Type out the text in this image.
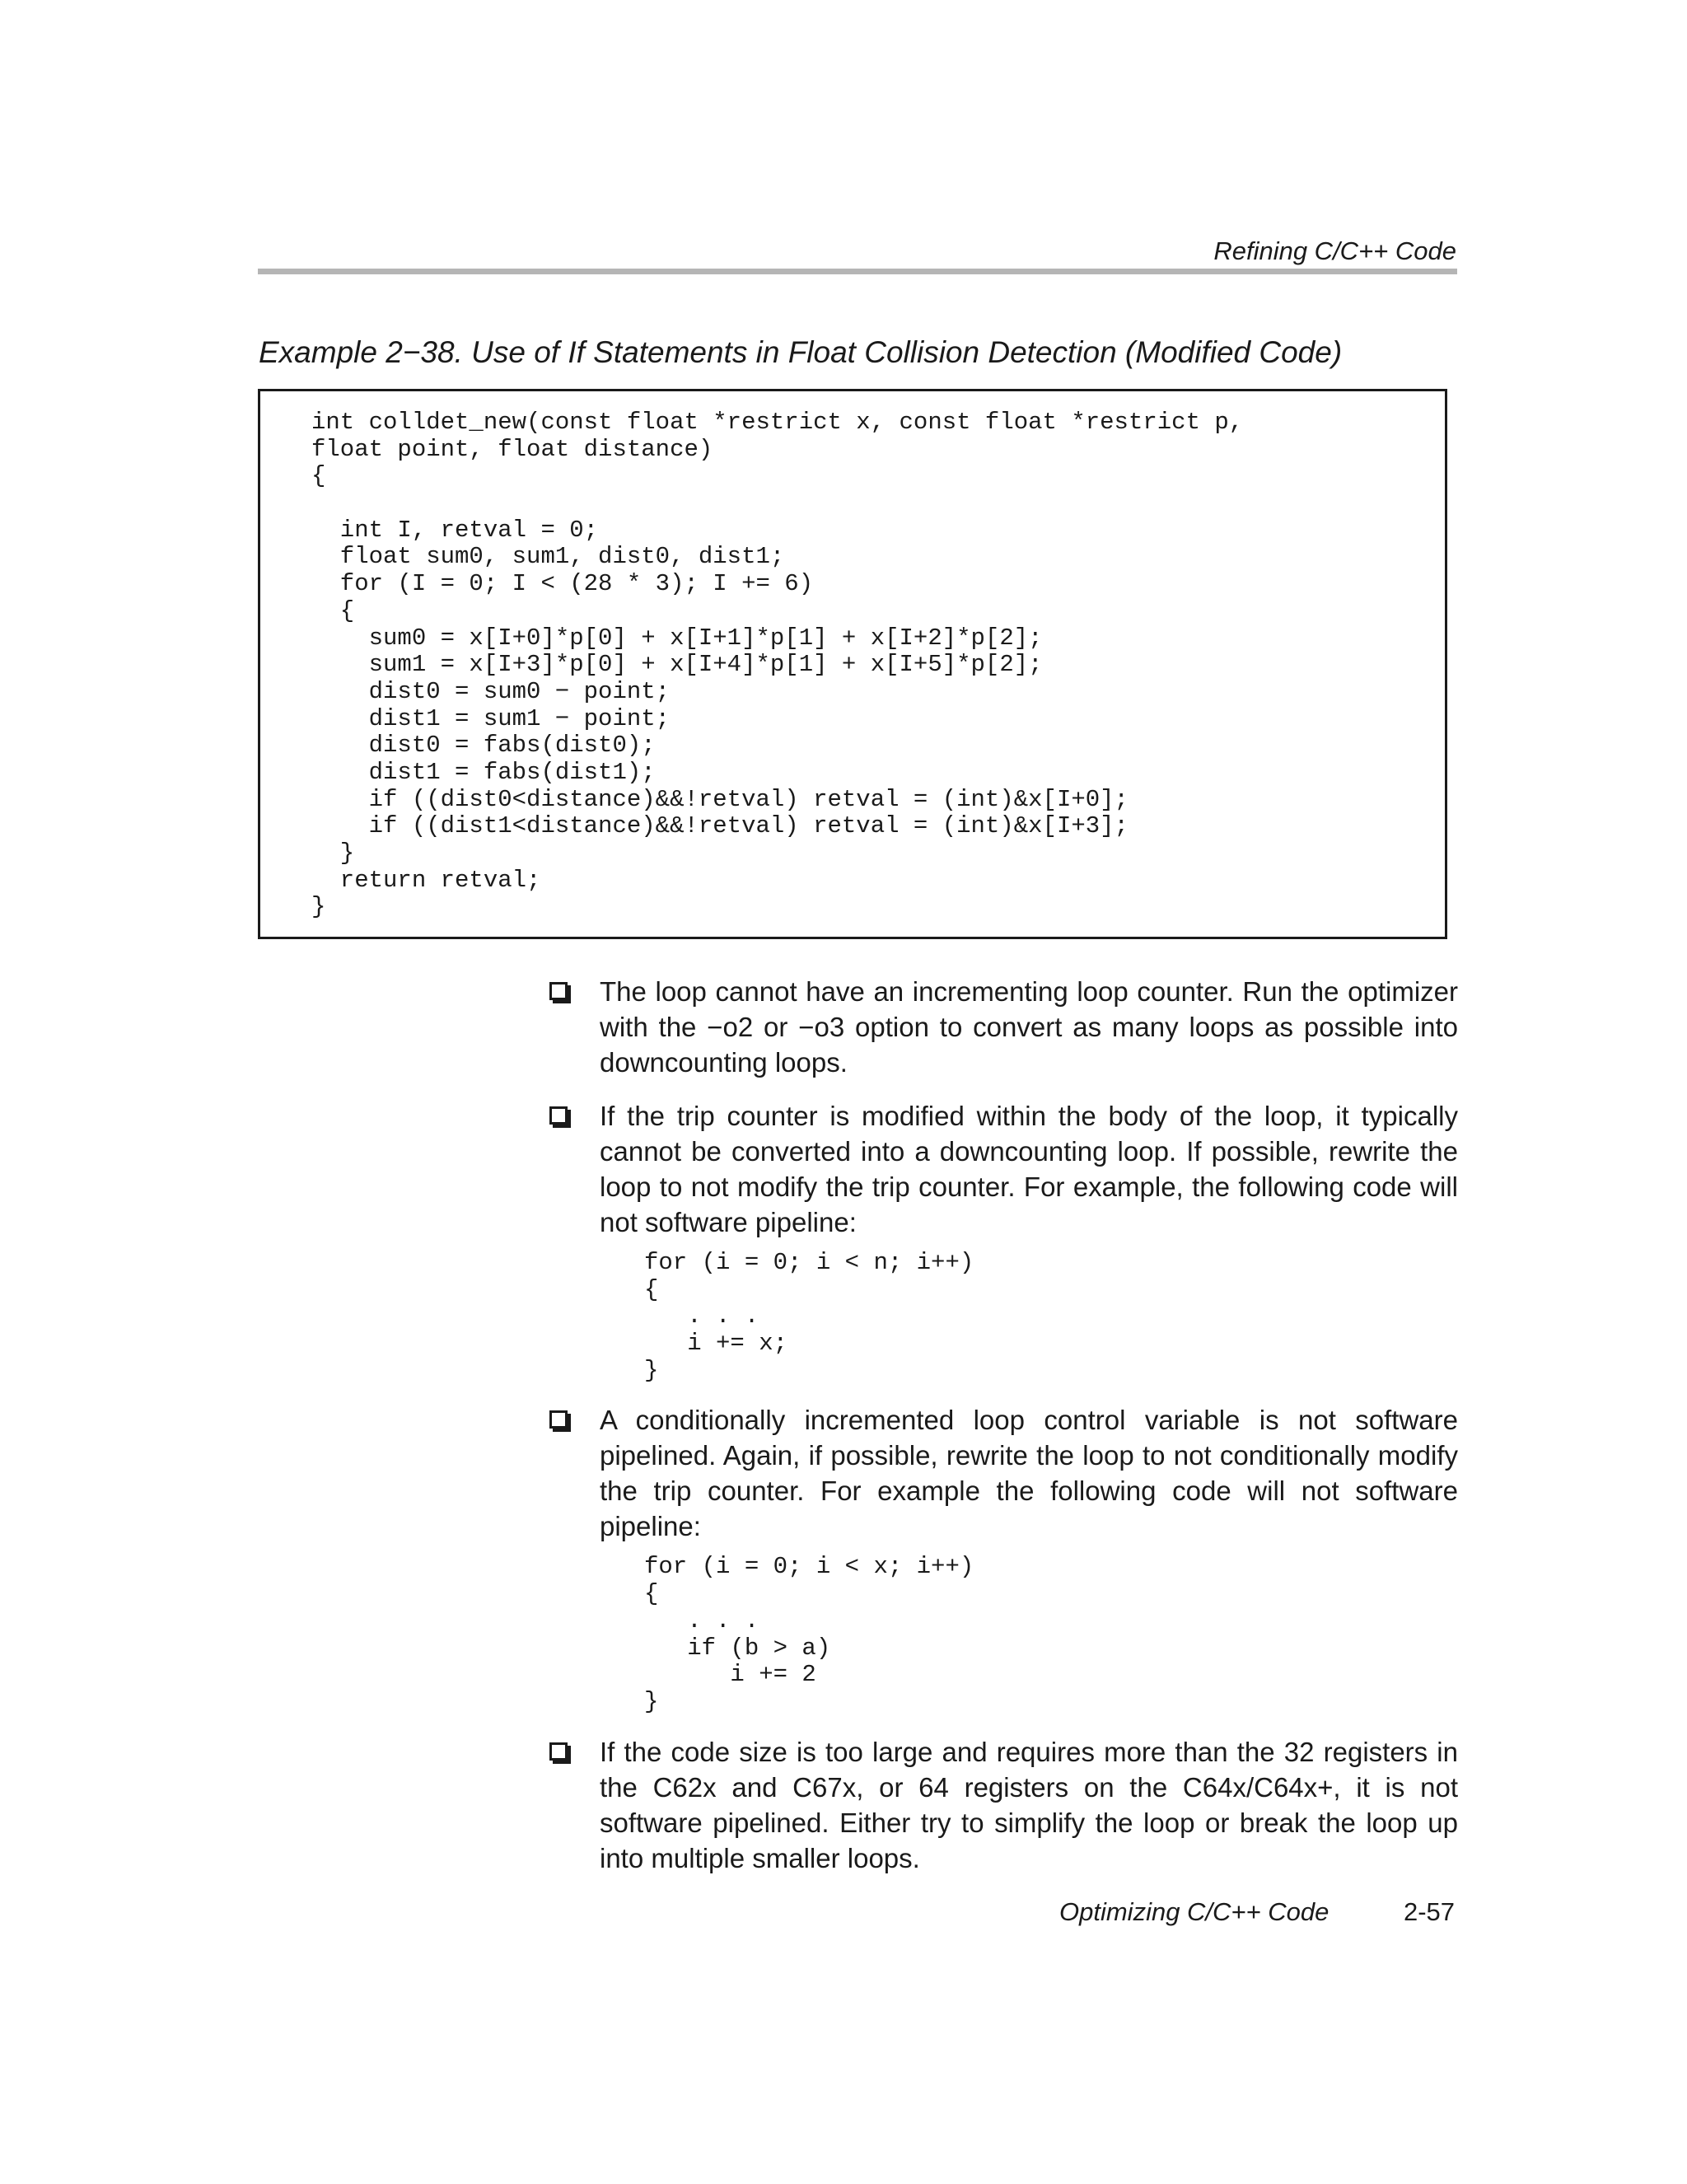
Refining C/C++ Code
Example 2−38. Use of If Statements in Float Collision Detection (Modified Code)
int colldet_new(const float *restrict x, const float *restrict p,
float point, float distance)
{
int I, retval = 0;
float sum0, sum1, dist0, dist1;
for (I = 0; I < (28 * 3); I += 6)
{
sum0 = x[I+0]*p[0] + x[I+1]*p[1] + x[I+2]*p[2];
sum1 = x[I+3]*p[0] + x[I+4]*p[1] + x[I+5]*p[2];
dist0 = sum0 − point;
dist1 = sum1 − point;
dist0 = fabs(dist0);
dist1 = fabs(dist1);
if ((dist0<distance)&&!retval) retval = (int)&x[I+0];
if ((dist1<distance)&&!retval) retval = (int)&x[I+3];
}
return retval;
}
The loop cannot have an incrementing loop counter. Run the optimizer with the −o2 or −o3 option to convert as many loops as possible into downcounting loops.
If the trip counter is modified within the body of the loop, it typically cannot be converted into a downcounting loop. If possible, rewrite the loop to not modify the trip counter. For example, the following code will not software pipeline:
for (i = 0; i < n; i++)
{
. . .
i += x;
}
A conditionally incremented loop control variable is not software pipelined. Again, if possible, rewrite the loop to not conditionally modify the trip counter. For example the following code will not software pipeline:
for (i = 0; i < x; i++)
{
. . .
if (b > a)
i += 2
}
If the code size is too large and requires more than the 32 registers in the C62x and C67x, or 64 registers on the C64x/C64x+, it is not software pipelined. Either try to simplify the loop or break the loop up into multiple smaller loops.
Optimizing C/C++ Code	2-57
